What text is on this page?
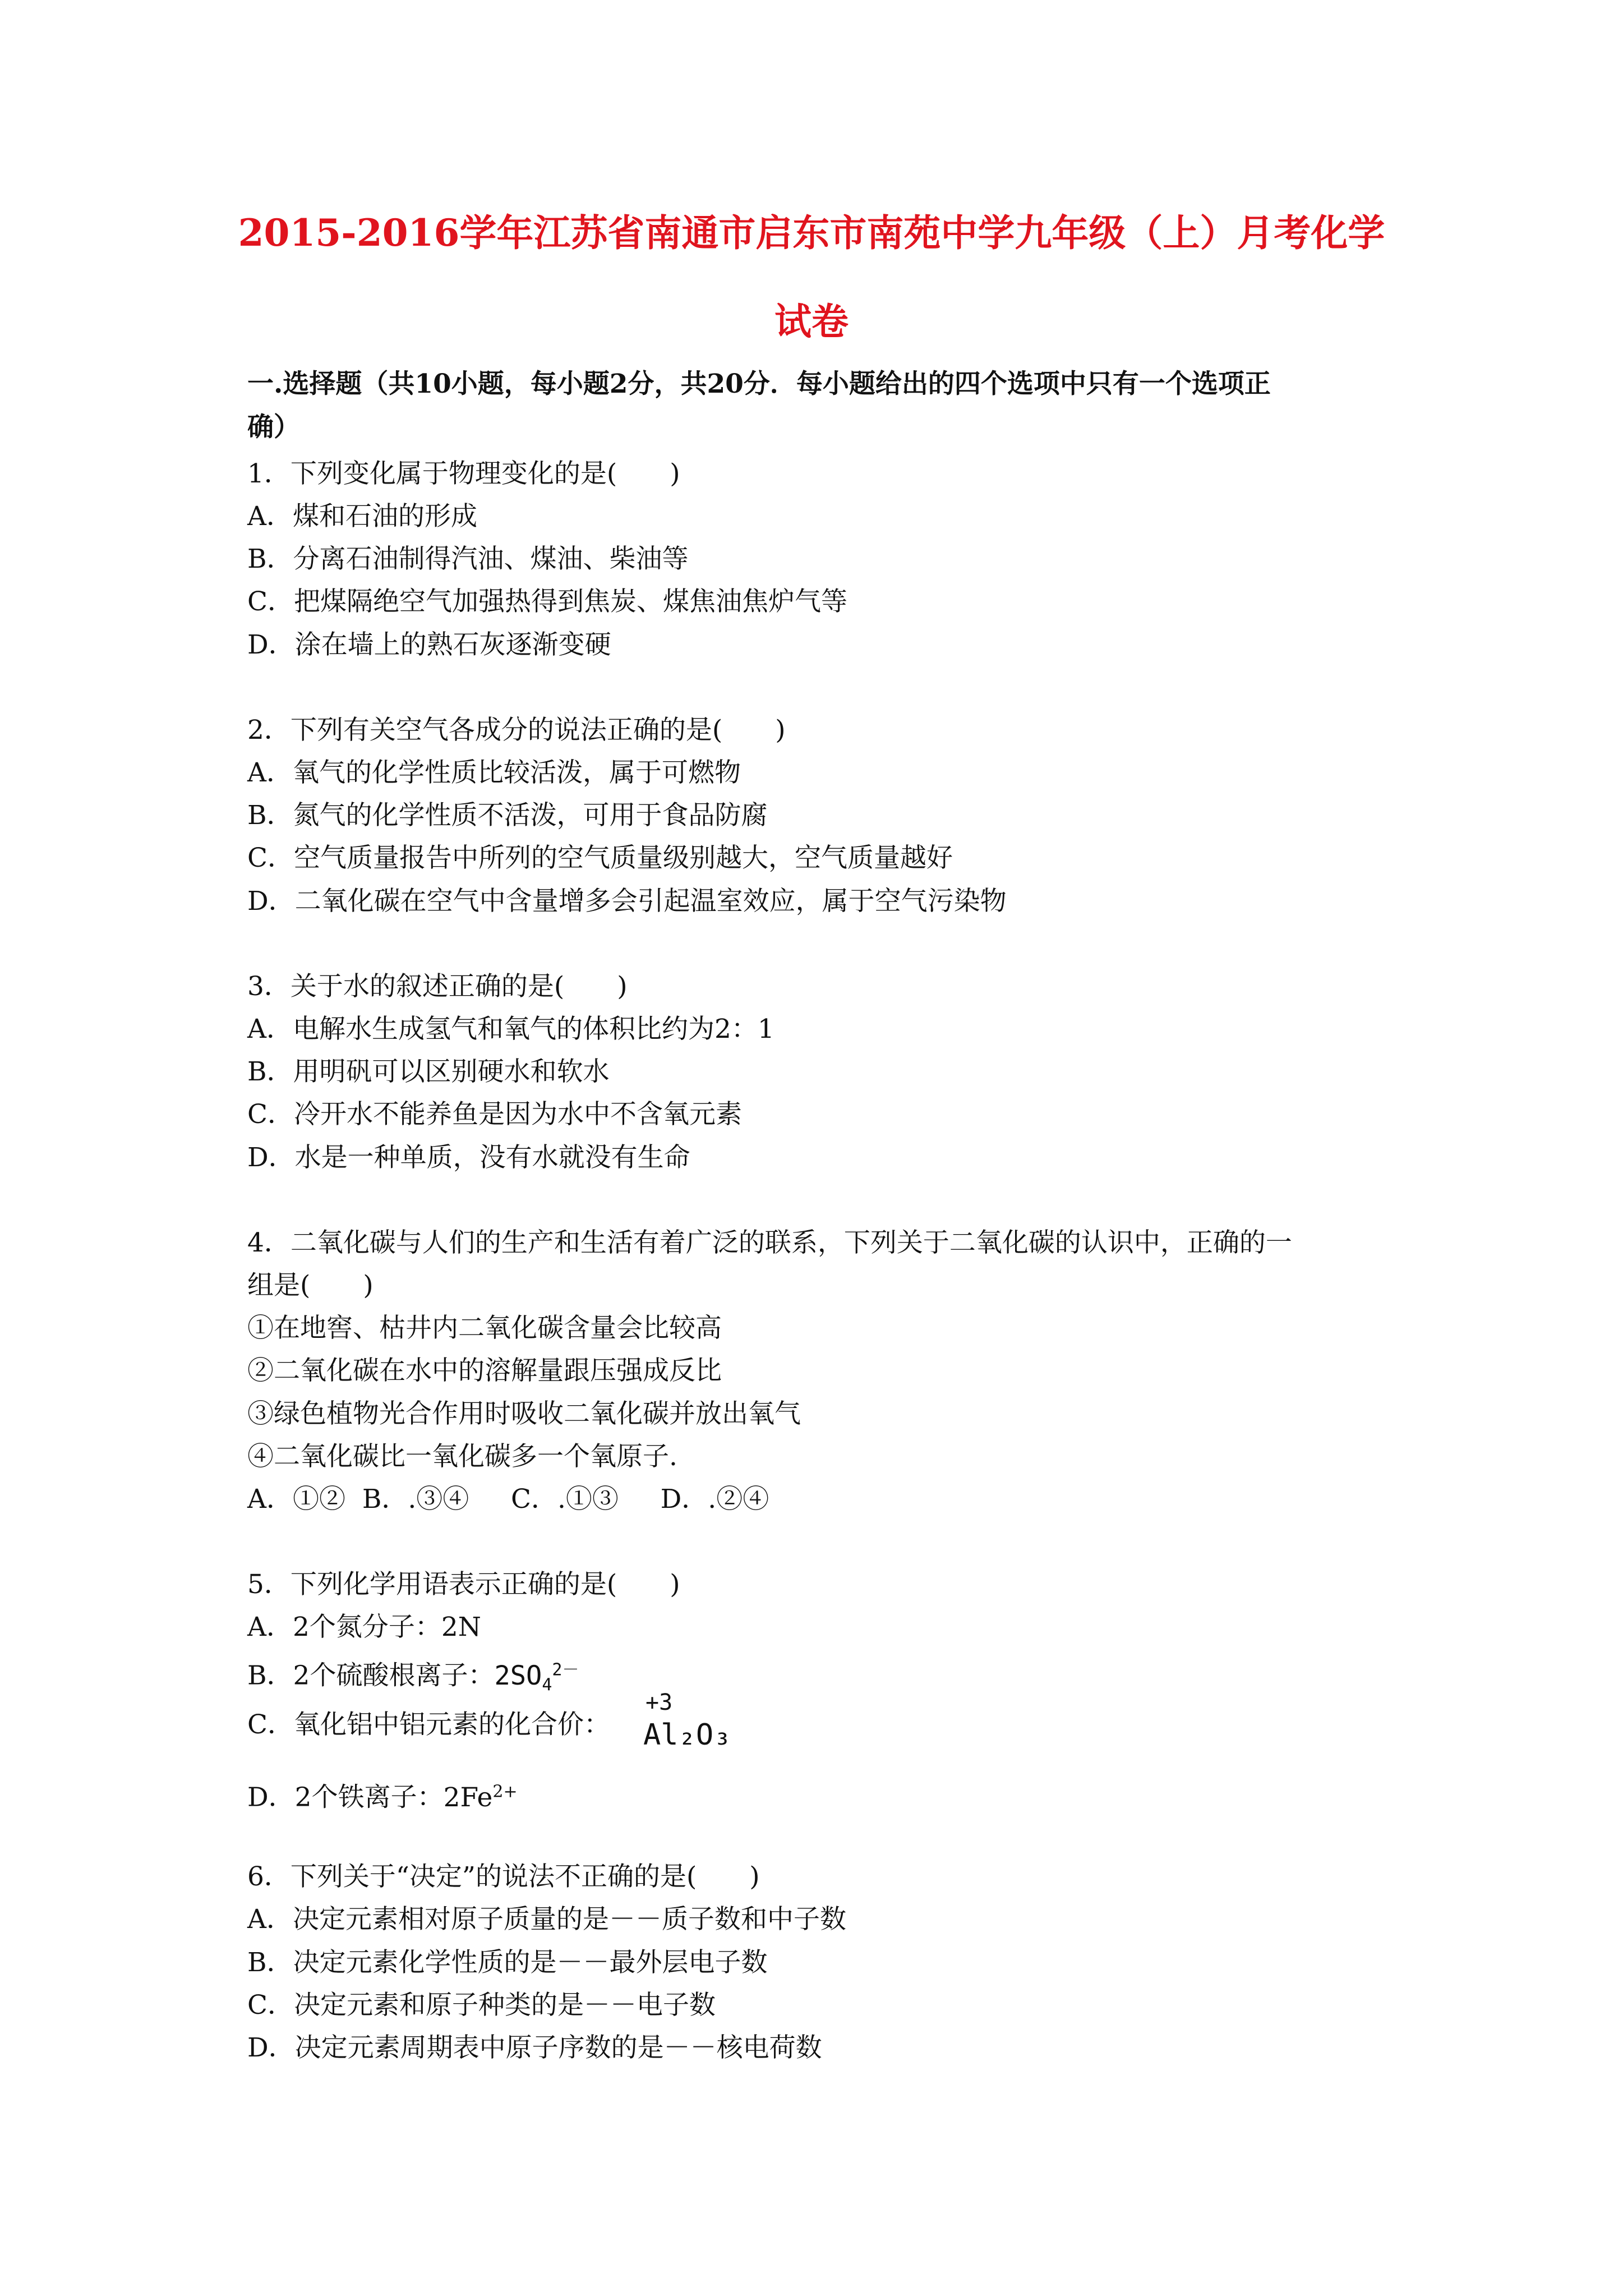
2015-2016学年江苏省南通市启东市南苑中学九年级（上）月考化学
试卷
一.选择题（共10小题，每小题2分，共20分．每小题给出的四个选项中只有一个选项正
确）
1．下列变化属于物理变化的是(　　)
A．煤和石油的形成
B．分离石油制得汽油、煤油、柴油等
C．把煤隔绝空气加强热得到焦炭、煤焦油焦炉气等
D．涂在墙上的熟石灰逐渐变硬
2．下列有关空气各成分的说法正确的是(　　)
A．氧气的化学性质比较活泼，属于可燃物
B．氮气的化学性质不活泼，可用于食品防腐
C．空气质量报告中所列的空气质量级别越大，空气质量越好
D．二氧化碳在空气中含量增多会引起温室效应，属于空气污染物
3．关于水的叙述正确的是(　　)
A．电解水生成氢气和氧气的体积比约为2：1
B．用明矾可以区别硬水和软水
C．冷开水不能养鱼是因为水中不含氧元素
D．水是一种单质，没有水就没有生命
4．二氧化碳与人们的生产和生活有着广泛的联系，下列关于二氧化碳的认识中，正确的一
组是(　　)
①在地窖、枯井内二氧化碳含量会比较高
②二氧化碳在水中的溶解量跟压强成反比
③绿色植物光合作用时吸收二氧化碳并放出氧气
④二氧化碳比一氧化碳多一个氧原子.
A．①②  B．.③④     C．.①③     D．.②④
5．下列化学用语表示正确的是(　　)
A．2个氮分子：2N
B．2个硫酸根离子：$2SO_4^{2-}$
C．氧化铝中铝元素的化合价：
+3
Al₂O₃
D．2个铁离子：$2Fe^{2+}$
6．下列关于“决定”的说法不正确的是(　　)
A．决定元素相对原子质量的是－－质子数和中子数
B．决定元素化学性质的是－－最外层电子数
C．决定元素和原子种类的是－－电子数
D．决定元素周期表中原子序数的是－－核电荷数
